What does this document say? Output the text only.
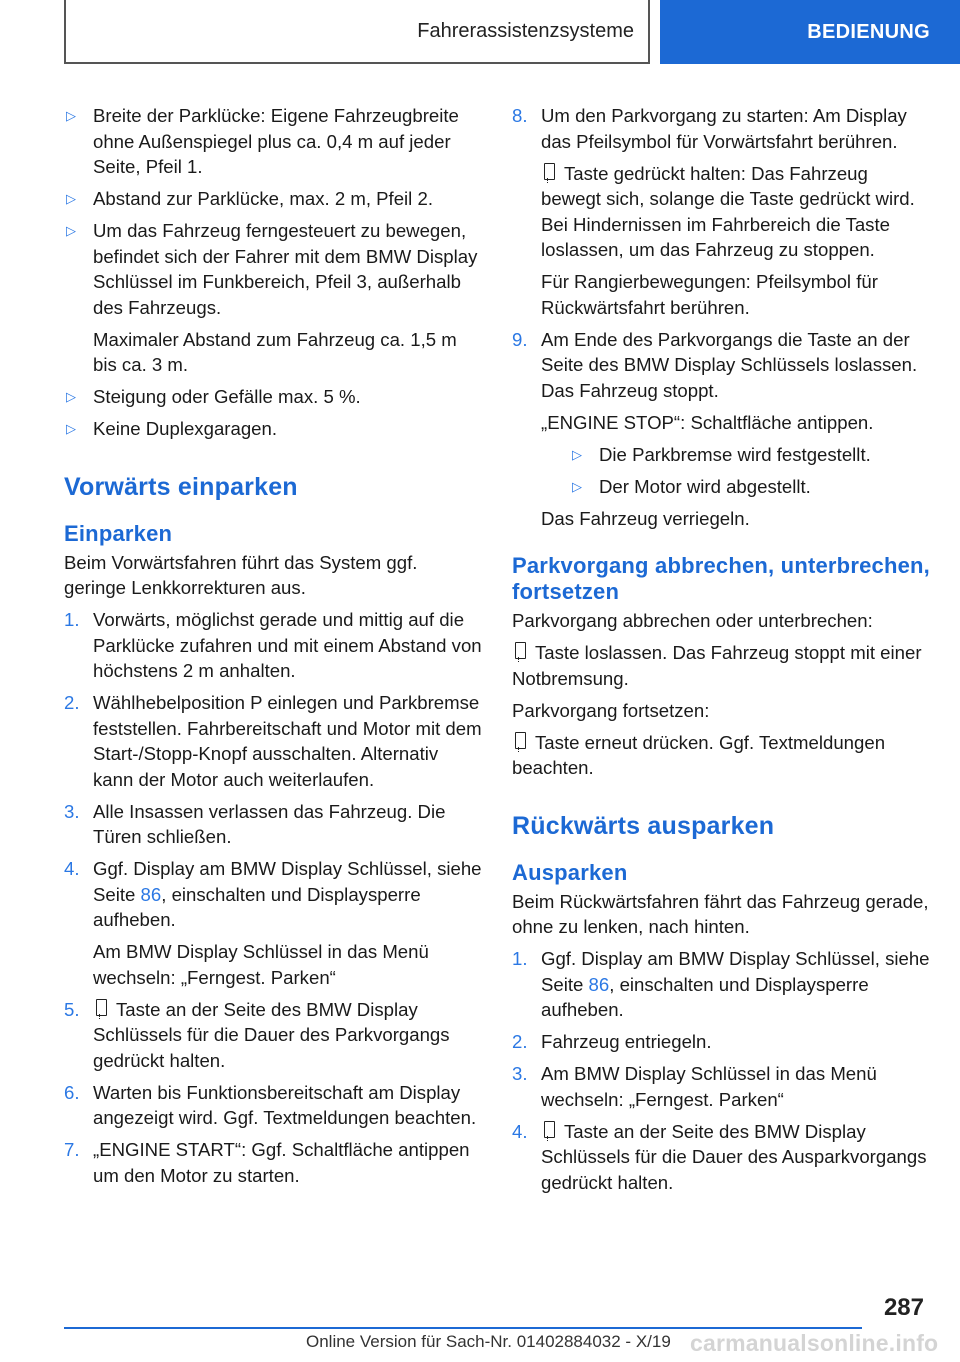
Fahrerassistenzsysteme	BEDIENUNG
▷ Breite der Parklücke: Eigene Fahrzeugbreite ohne Außenspiegel plus ca. 0,4 m auf jeder Seite, Pfeil 1.
▷ Abstand zur Parklücke, max. 2 m, Pfeil 2.
▷ Um das Fahrzeug ferngesteuert zu bewegen, befindet sich der Fahrer mit dem BMW Display Schlüssel im Funkbereich, Pfeil 3, außerhalb des Fahrzeugs.
Maximaler Abstand zum Fahrzeug ca. 1,5 m bis ca. 3 m.
▷ Steigung oder Gefälle max. 5 %.
▷ Keine Duplexgaragen.
Vorwärts einparken
Einparken
Beim Vorwärtsfahren führt das System ggf. geringe Lenkkorrekturen aus.
1. Vorwärts, möglichst gerade und mittig auf die Parklücke zufahren und mit einem Abstand von höchstens 2 m anhalten.
2. Wählhebelposition P einlegen und Parkbremse feststellen. Fahrbereitschaft und Motor mit dem Start-/Stopp-Knopf ausschalten. Alternativ kann der Motor auch weiterlaufen.
3. Alle Insassen verlassen das Fahrzeug. Die Türen schließen.
4. Ggf. Display am BMW Display Schlüssel, siehe Seite 86, einschalten und Displaysperre aufheben.
Am BMW Display Schlüssel in das Menü wechseln: „Ferngest. Parken“
5.	Taste an der Seite des BMW Display Schlüssels für die Dauer des Parkvorgangs gedrückt halten.
6. Warten bis Funktionsbereitschaft am Display angezeigt wird. Ggf. Textmeldungen beachten.
7. „ENGINE START“: Ggf. Schaltfläche antippen um den Motor zu starten.
8. Um den Parkvorgang zu starten: Am Display das Pfeilsymbol für Vorwärtsfahrt berühren.
Taste gedrückt halten: Das Fahrzeug bewegt sich, solange die Taste gedrückt wird. Bei Hindernissen im Fahrbereich die Taste loslassen, um das Fahrzeug zu stoppen.
Für Rangierbewegungen: Pfeilsymbol für Rückwärtsfahrt berühren.
9. Am Ende des Parkvorgangs die Taste an der Seite des BMW Display Schlüssels loslassen. Das Fahrzeug stoppt.
„ENGINE STOP“: Schaltfläche antippen.
▷ Die Parkbremse wird festgestellt.
▷ Der Motor wird abgestellt.
Das Fahrzeug verriegeln.
Parkvorgang abbrechen, unterbrechen, fortsetzen
Parkvorgang abbrechen oder unterbrechen:
Taste loslassen. Das Fahrzeug stoppt mit einer Notbremsung.
Parkvorgang fortsetzen:
Taste erneut drücken. Ggf. Textmeldungen beachten.
Rückwärts ausparken
Ausparken
Beim Rückwärtsfahren fährt das Fahrzeug gerade, ohne zu lenken, nach hinten.
1. Ggf. Display am BMW Display Schlüssel, siehe Seite 86, einschalten und Displaysperre aufheben.
2. Fahrzeug entriegeln.
3. Am BMW Display Schlüssel in das Menü wechseln: „Ferngest. Parken“
4.	Taste an der Seite des BMW Display Schlüssels für die Dauer des Ausparkvorgangs gedrückt halten.
287
Online Version für Sach-Nr. 01402884032 - X/19 carmanualsonline.info
